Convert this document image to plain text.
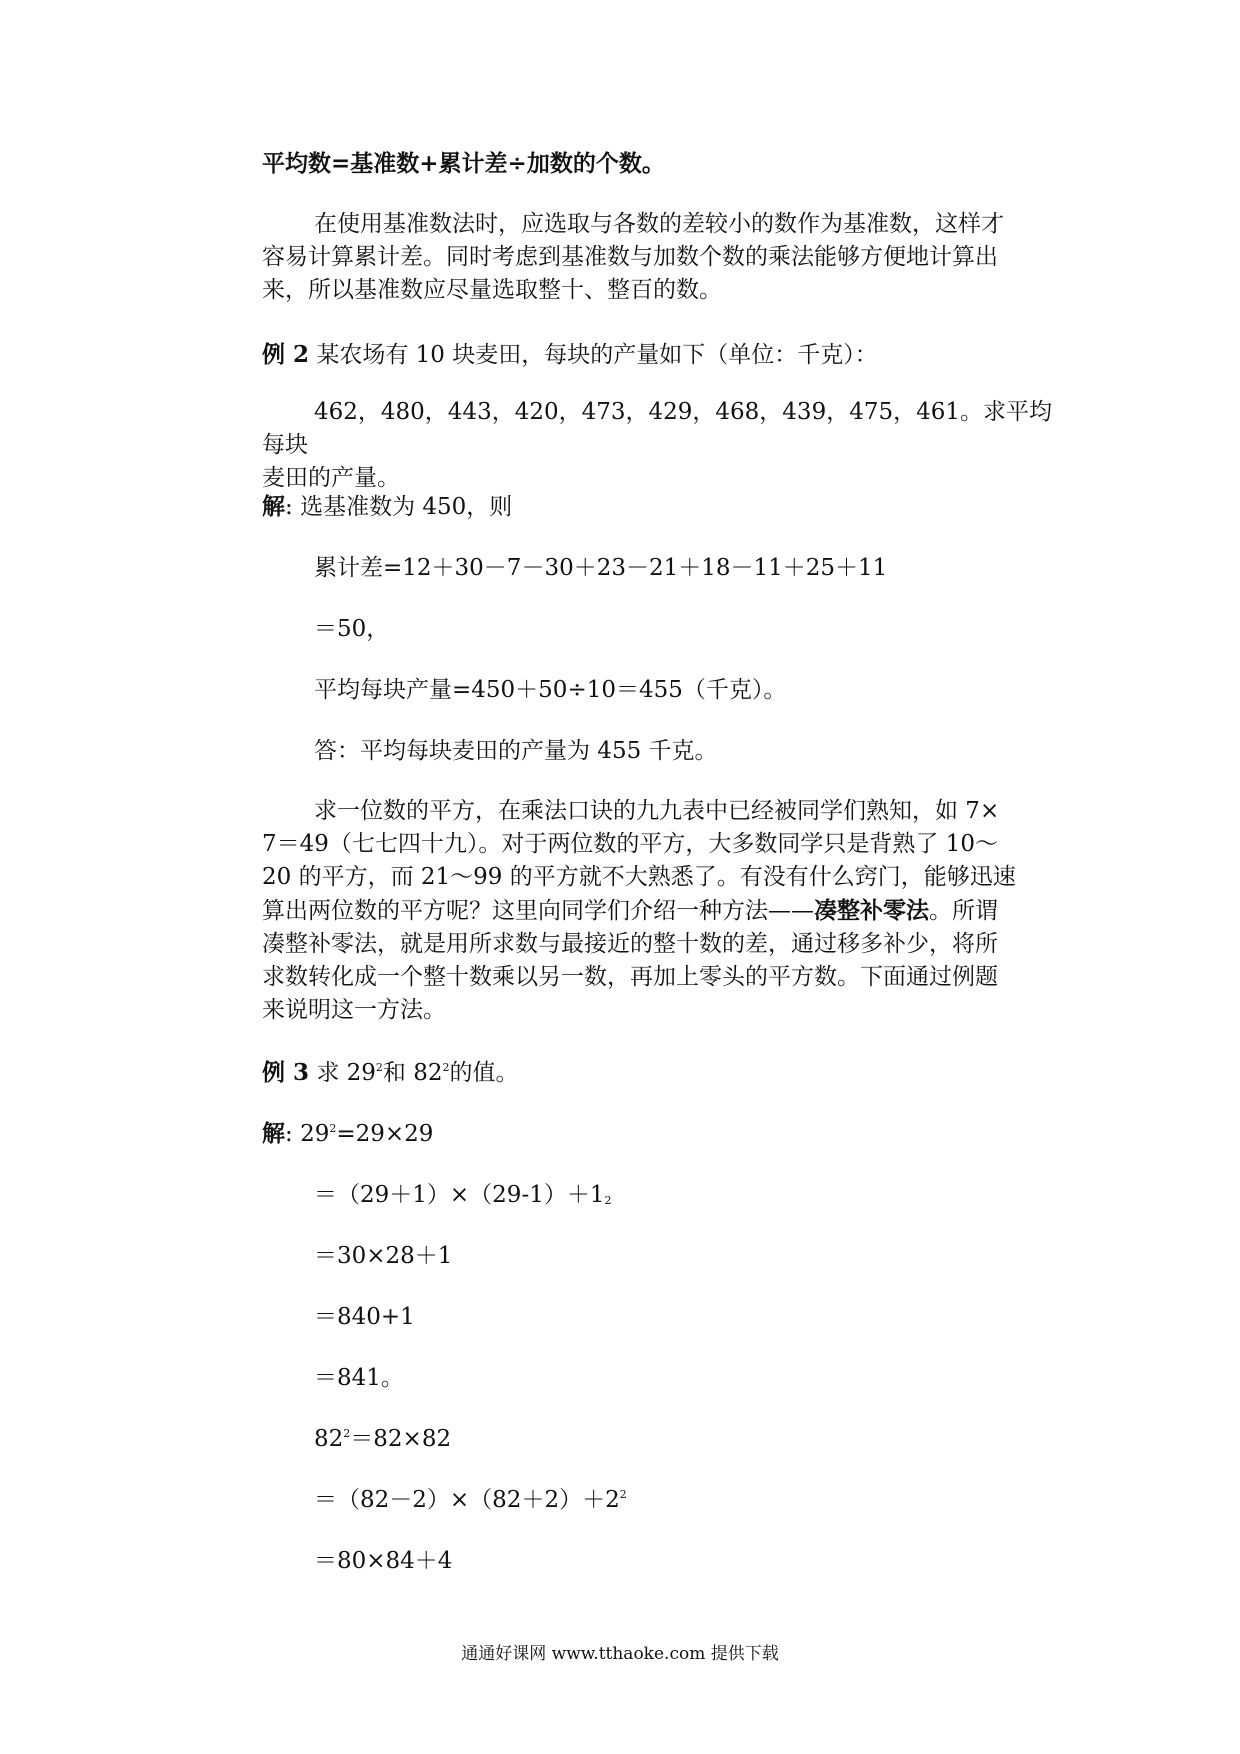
平均数=基准数+累计差÷加数的个数。

在使用基准数法时，应选取与各数的差较小的数作为基准数，这样才

容易计算累计差。同时考虑到基准数与加数个数的乘法能够方便地计算出

来，所以基准数应尽量选取整十、整百的数。

例 2 某农场有 10 块麦田，每块的产量如下（单位：千克）：

462，480，443，420，473，429，468，439，475，461。求平均每块

麦田的产量。

解: 选基准数为 450，则
累计差=12＋30－7－30＋23－21＋18－11＋25＋11
＝50，
平均每块产量=450＋50÷10＝455（千克）。
答：平均每块麦田的产量为 455 千克。

求一位数的平方，在乘法口诀的九九表中已经被同学们熟知，如 7×

7＝49（七七四十九）。对于两位数的平方，大多数同学只是背熟了 10～

20 的平方，而 21～99 的平方就不大熟悉了。有没有什么窍门，能够迅速

算出两位数的平方呢？这里向同学们介绍一种方法——凑整补零法。所谓

凑整补零法，就是用所求数与最接近的整十数的差，通过移多补少，将所

求数转化成一个整十数乘以另一数，再加上零头的平方数。下面通过例题

来说明这一方法。

例 3 求 $29^2$和 $82^2$的值。
解: $29^2=29\times 29$
$=(29+1)\times(29-1)+1_2$
＝30×28＋1
＝840+1
＝841。
$82^2=82\times 82$
$=(82-2)\times(82+2)+2^2$
＝80×84＋4
通通好课网 www.tthaoke.com 提供下载
